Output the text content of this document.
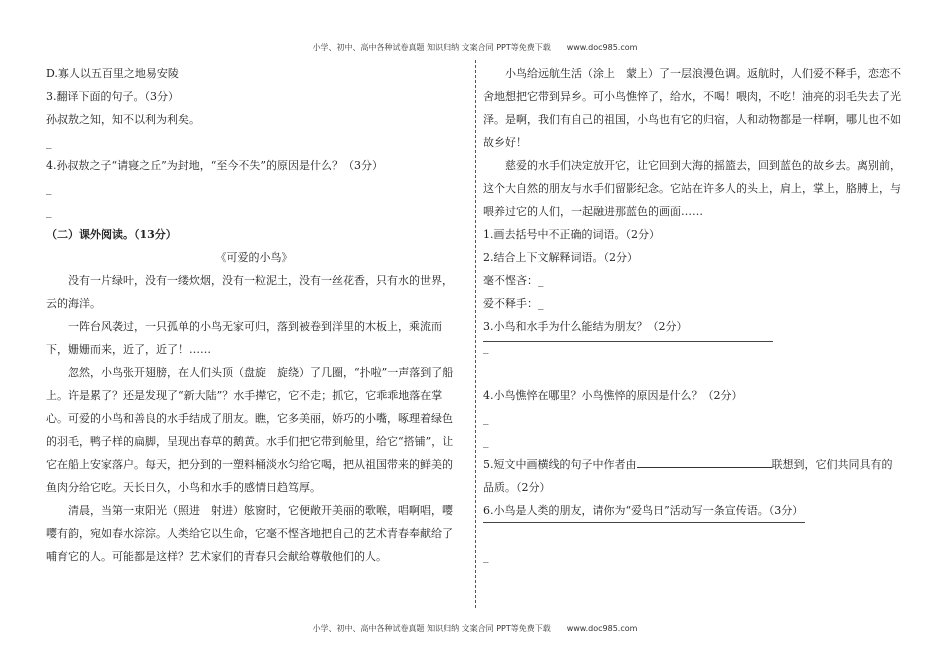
小学、初中、高中各种试卷真题 知识归纳 文案合同 PPT等免费下载　　www.doc985.com

D.寡人以五百里之地易安陵

3.翻译下面的句子。（3分）

孙叔敖之知，知不以利为利矣。

_

4.孙叔敖之子“请寝之丘”为封地，“至今不失”的原因是什么？（3分）

_
_

（二）课外阅读。（13分）

《可爱的小鸟》

没有一片绿叶，没有一缕炊烟，没有一粒泥土，没有一丝花香，只有水的世界，云的海洋。

一阵台风袭过，一只孤单的小鸟无家可归，落到被卷到洋里的木板上，乘流而下，姗姗而来，近了，近了！……

忽然，小鸟张开翅膀，在人们头顶（盘旋　旋绕）了几圈，“扑啦”一声落到了船上。许是累了？还是发现了“新大陆”？水手撵它，它不走；抓它，它乖乖地落在掌心。可爱的小鸟和善良的水手结成了朋友。瞧，它多美丽，娇巧的小嘴，啄理着绿色的羽毛，鸭子样的扁脚，呈现出春草的鹅黄。水手们把它带到舱里，给它“搭铺”，让它在船上安家落户。每天，把分到的一塑料桶淡水匀给它喝，把从祖国带来的鲜美的鱼肉分给它吃。天长日久，小鸟和水手的感情日趋笃厚。

清晨，当第一束阳光（照进　射进）舷窗时，它便敞开美丽的歌喉，唱啊唱，嘤嘤有韵，宛如春水淙淙。人类给它以生命，它毫不悭吝地把自己的艺术青春奉献给了哺育它的人。可能都是这样？艺术家们的青春只会献给尊敬他们的人。

小鸟给远航生活（涂上　蒙上）了一层浪漫色调。返航时，人们爱不释手，恋恋不舍地想把它带到异乡。可小鸟憔悴了，给水，不喝！喂肉，不吃！油亮的羽毛失去了光泽。是啊，我们有自己的祖国，小鸟也有它的归宿，人和动物都是一样啊，哪儿也不如故乡好！

慈爱的水手们决定放开它，让它回到大海的摇篮去，回到蓝色的故乡去。离别前，这个大自然的朋友与水手们留影纪念。它站在许多人的头上，肩上，掌上，胳膊上，与喂养过它的人们，一起融进那蓝色的画面……

1.画去括号中不正确的词语。（2分）

2.结合上下文解释词语。（2分）

毫不悭吝：_

爱不释手：_

3.小鸟和水手为什么能结为朋友？（2分）

_

4.小鸟憔悴在哪里？小鸟憔悴的原因是什么？（2分）

_
_

5.短文中画横线的句子中作者由	联想到，它们共同具有的品质。（2分）

6.小鸟是人类的朋友，请你为“爱鸟日”活动写一条宣传语。（3分）

_
小学、初中、高中各种试卷真题 知识归纳 文案合同 PPT等免费下载　　www.doc985.com
